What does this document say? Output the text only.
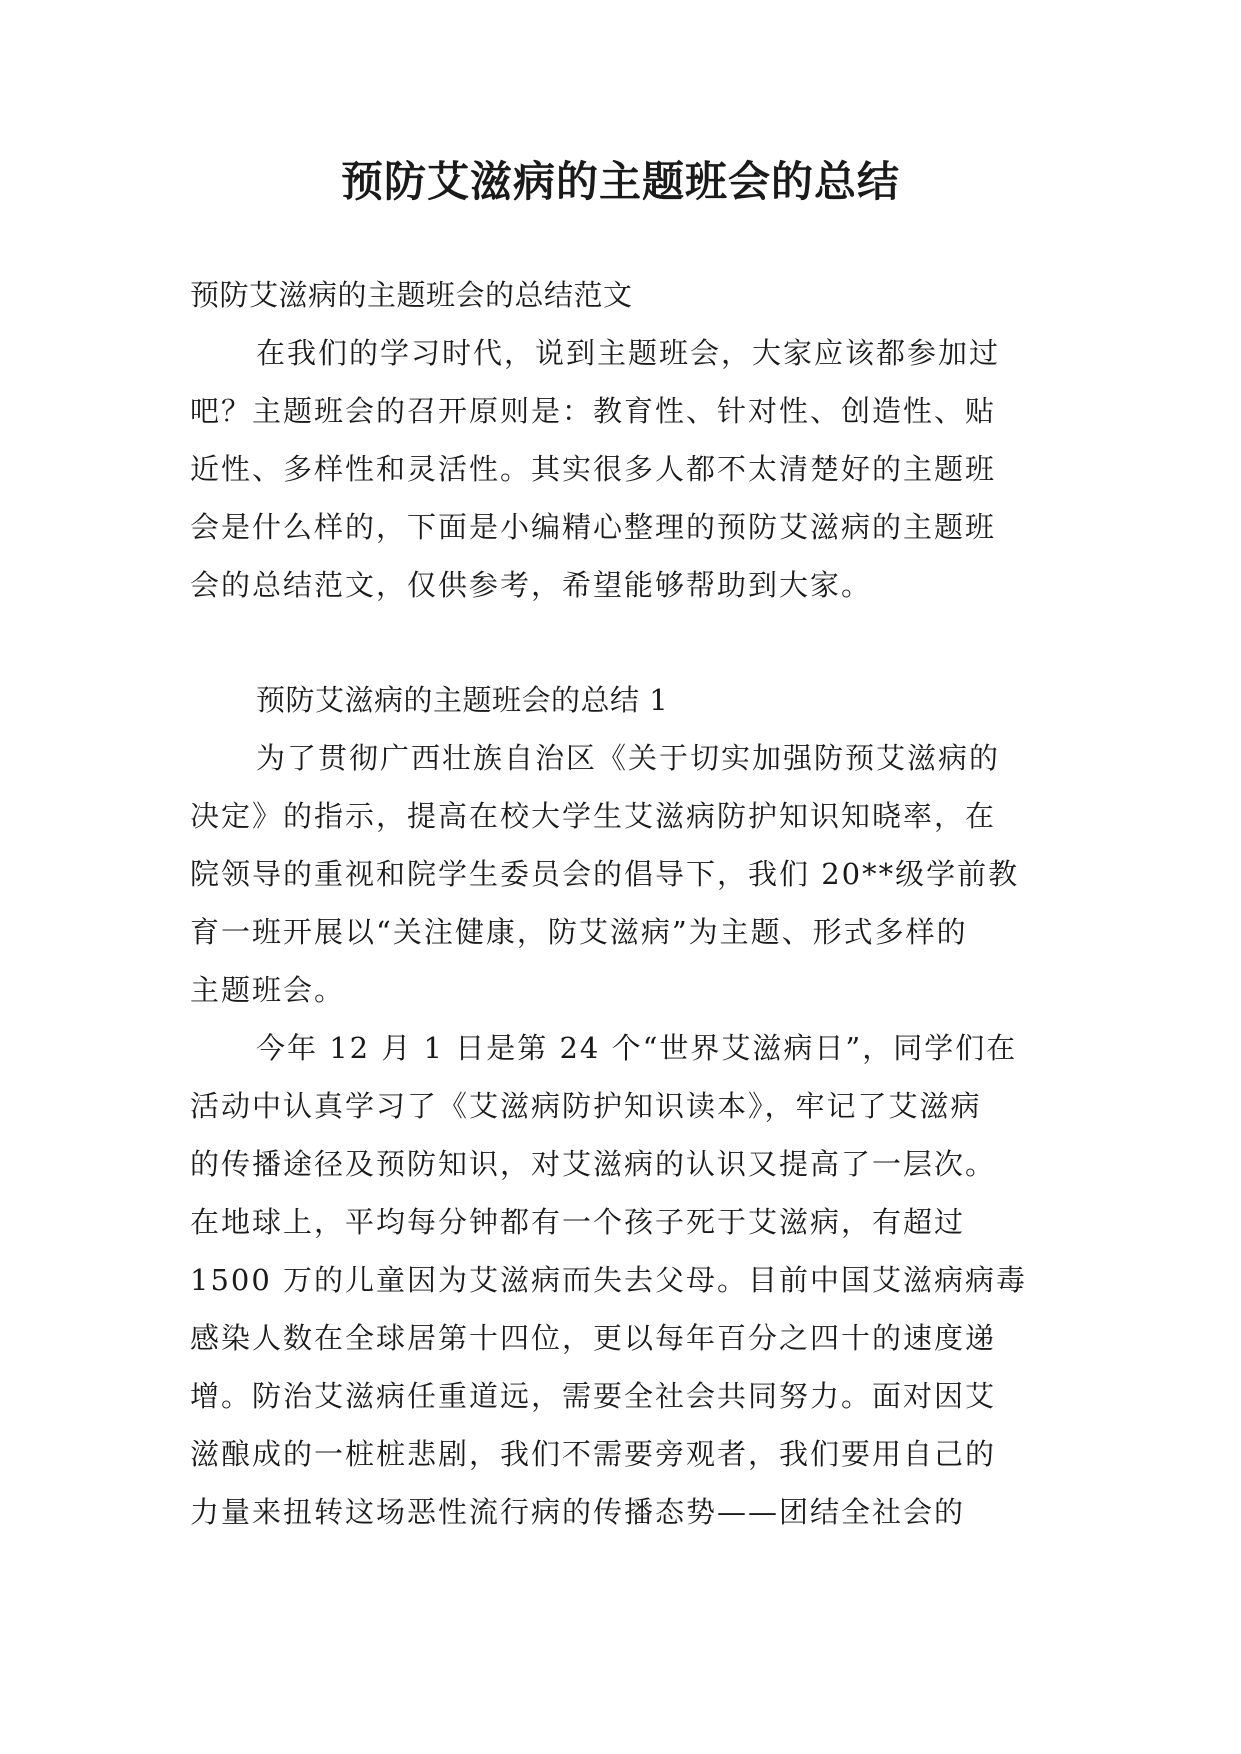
预防艾滋病的主题班会的总结
预防艾滋病的主题班会的总结范文
在我们的学习时代，说到主题班会，大家应该都参加过
吧？主题班会的召开原则是：教育性、针对性、创造性、贴
近性、多样性和灵活性。其实很多人都不太清楚好的主题班
会是什么样的，下面是小编精心整理的预防艾滋病的主题班
会的总结范文，仅供参考，希望能够帮助到大家。
预防艾滋病的主题班会的总结 1
为了贯彻广西壮族自治区《关于切实加强防预艾滋病的
决定》的指示，提高在校大学生艾滋病防护知识知晓率，在
院领导的重视和院学生委员会的倡导下，我们 20**级学前教
育一班开展以“关注健康，防艾滋病”为主题、形式多样的
主题班会。
今年 12 月 1 日是第 24 个“世界艾滋病日”，同学们在
活动中认真学习了《艾滋病防护知识读本》，牢记了艾滋病
的传播途径及预防知识，对艾滋病的认识又提高了一层次。
在地球上，平均每分钟都有一个孩子死于艾滋病，有超过
1500 万的儿童因为艾滋病而失去父母。目前中国艾滋病病毒
感染人数在全球居第十四位，更以每年百分之四十的速度递
增。防治艾滋病任重道远，需要全社会共同努力。面对因艾
滋酿成的一桩桩悲剧，我们不需要旁观者，我们要用自己的
力量来扭转这场恶性流行病的传播态势——团结全社会的
